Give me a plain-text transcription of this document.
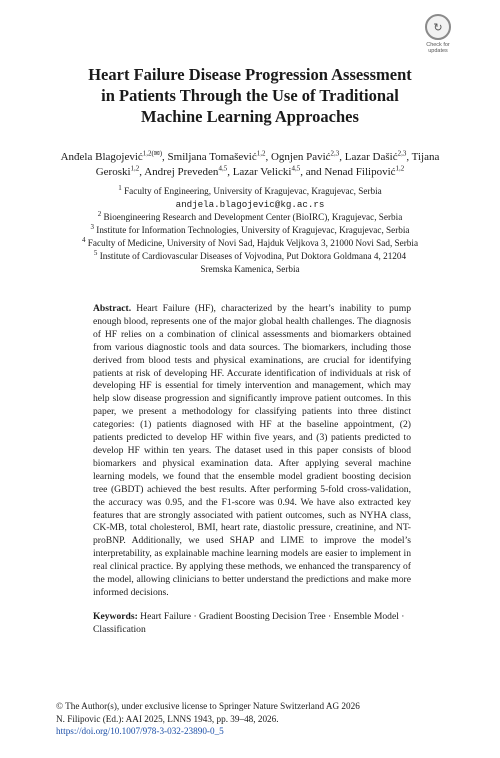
↻
Check for
updates
Heart Failure Disease Progression Assessment
in Patients Through the Use of Traditional
Machine Learning Approaches

Anđela Blagojević$^{1,2(✉)}$, Smiljana Tomašević$^{1,2}$, Ognjen Pavić$^{2,3}$, Lazar Dašić$^{2,3}$, Tijana Geroski$^{1,2}$, Andrej Preveden$^{4,5}$, Lazar Velicki$^{4,5}$, and Nenad Filipović$^{1,2}$

$^1$ Faculty of Engineering, University of Kragujevac, Kragujevac, Serbia

andjela.blagojevic@kg.ac.rs

$^2$ Bioengineering Research and Development Center (BioIRC), Kragujevac, Serbia

$^3$ Institute for Information Technologies, University of Kragujevac, Kragujevac, Serbia

$^4$ Faculty of Medicine, University of Novi Sad, Hajduk Veljkova 3, 21000 Novi Sad, Serbia

$^5$ Institute of Cardiovascular Diseases of Vojvodina, Put Doktora Goldmana 4, 21204

Sremska Kamenica, Serbia

Abstract. Heart Failure (HF), characterized by the heart’s inability to pump enough blood, represents one of the major global health challenges. The diagnosis of HF relies on a combination of clinical assessments and biomarkers obtained from various diagnostic tools and data sources. The biomarkers, including those derived from blood tests and physical examinations, are crucial for identifying patients at risk of developing HF. Accurate identification of individuals at risk of developing HF is essential for timely intervention and management, which may help slow disease progression and significantly improve patient outcomes. In this paper, we present a methodology for classifying patients into three distinct categories: (1) patients diagnosed with HF at the baseline appointment, (2) patients predicted to develop HF within five years, and (3) patients predicted to develop HF within ten years. The dataset used in this paper consists of blood biomarkers and physical examination data. After applying several machine learning models, we found that the ensemble model gradient boosting decision tree (GBDT) achieved the best results. After performing 5-fold cross-validation, the accuracy was 0.95, and the F1-score was 0.94. We have also extracted key features that are strongly associated with patient outcomes, such as NYHA class, CK-MB, total cholesterol, BMI, heart rate, diastolic pressure, creatinine, and NT-proBNP. Additionally, we used SHAP and LIME to improve the model’s interpretability, as explainable machine learning models are easier to implement in real clinical practice. By applying these methods, we enhanced the transparency of the model, allowing clinicians to better understand the predictions and make more informed decisions.

Keywords: Heart Failure · Gradient Boosting Decision Tree · Ensemble Model · Classification

© The Author(s), under exclusive license to Springer Nature Switzerland AG 2026

N. Filipovic (Ed.): AAI 2025, LNNS 1943, pp. 39–48, 2026.

https://doi.org/10.1007/978-3-032-23890-0_5
